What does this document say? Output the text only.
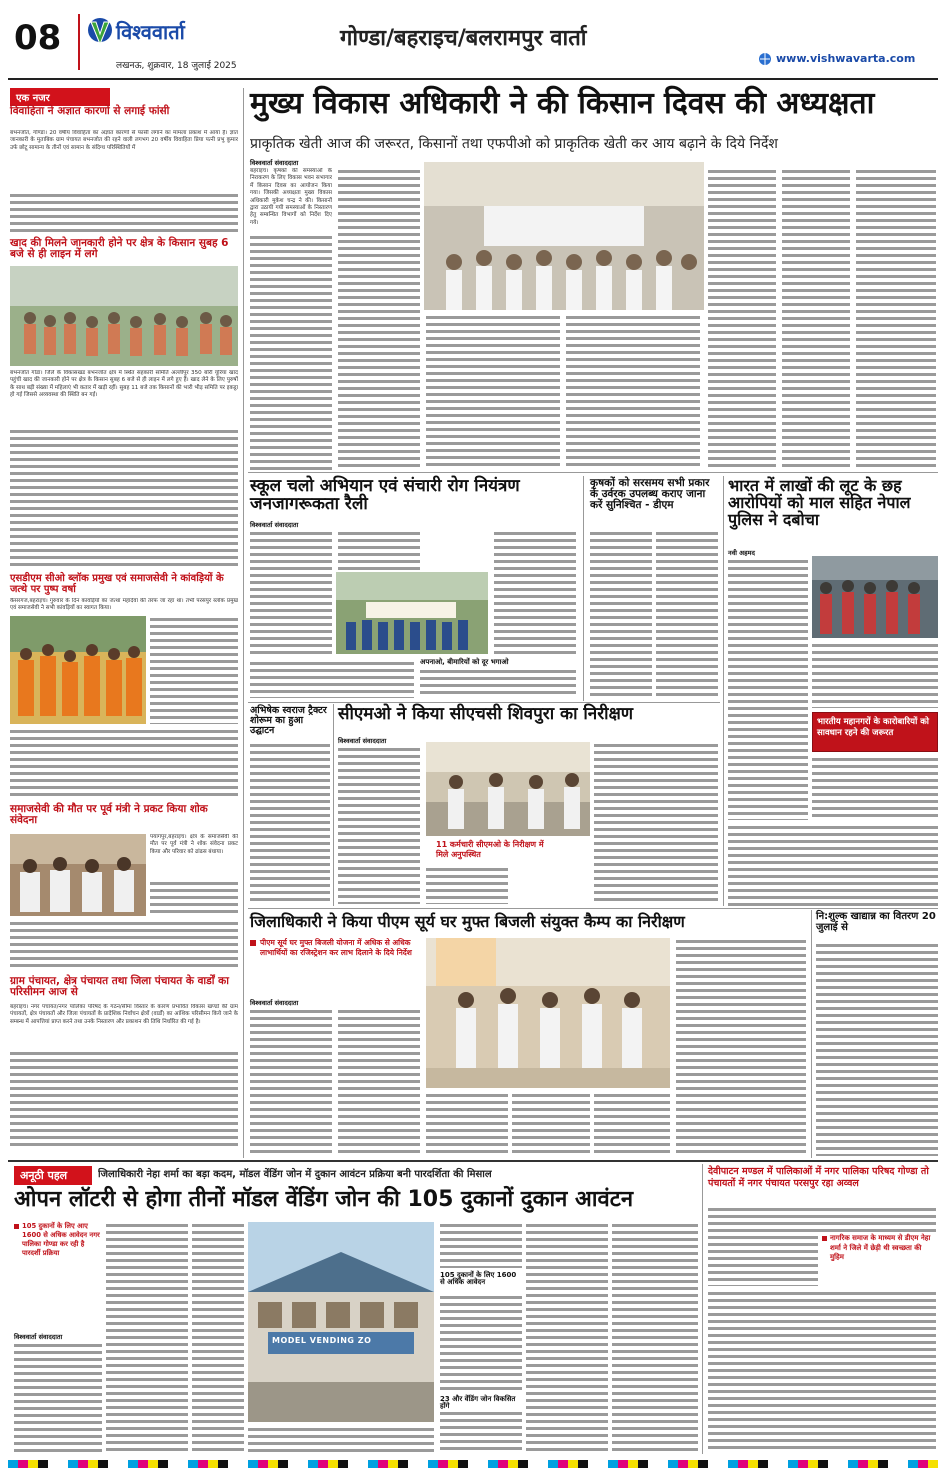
08	विश्ववार्ता
लखनऊ, शुक्रवार, 18 जुलाई 2025
गोण्डा/बहराइच/बलरामपुर वार्ता
www.vishwavarta.com
एक नजर
विवाहिता ने अज्ञात कारणों से लगाई फांसी
बभनजोत, गोण्डा। 20 वर्षीय विवाहिता का अज्ञात कारणों से फांसी लगाने का मामला प्रकाश में आया है। ज्ञात जानकारी के मुताबिक ग्राम पंचायत बभनजोत की रहने वाली लगभग 20 वर्षीय विवाहिता प्रिया पत्नी प्रभु कुमार उर्फ छोटू सामान्य के तीनों एवं सामान के संदिग्ध परिस्थितियों में
खाद की मिलने जानकारी होने पर क्षेत्र के किसान सुबह 6 बजे से ही लाइन में लगे
बभनजोत गोंडा। जिले के विकासखंड बभनजोत क्षेत्र में स्थित सहकारी समिति अल्लीपुर 350 बोरी यूरिया खाद पहुंची खाद की जानकारी होने पर क्षेत्र के किसान सुबह 6 बजे से ही लाइन में लगे हुए हैं। खाद लेने के लिए पुरुषों के साथ बड़ी संख्या में महिलाएं भी कतार में खड़ी रहीं। सुबह 11 बजे तक किसानों की भारी भीड़ समिति पर इकट्ठा हो गई जिससे अव्यवस्था की स्थिति बन गई।
एसडीएम सीओ ब्लॉक प्रमुख एवं समाजसेवी ने कांवड़ियों के जत्थे पर पुष्प वर्षा
कैसरगंज,बहराइच। गुरुवार के दिन कांवड़ियों का जत्था महादेवा की तरफ जा रहा था। तभी परसपुर ब्लॉक प्रमुख एवं समाजसेवी ने सभी कांवड़ियों का स्वागत किया।
समाजसेवी की मौत पर पूर्व मंत्री ने प्रकट किया शोक संवेदना
पयागपुर,बहराइच। क्षेत्र के समाजसेवी की मौत पर पूर्व मंत्री ने शोक संवेदना प्रकट किया और परिवार को ढांढस बंधाया।
ग्राम पंचायत, क्षेत्र पंचायत तथा जिला पंचायत के वार्डों का परिसीमन आज से
बहराइच। नगर पंचायत/नगर पालिका परिषद के गठन/सीमा विस्तार के कारण प्रभावित विकास खण्डों की ग्राम पंचायतों, क्षेत्र पंचायतों और जिला पंचायतों के प्रादेशिक निर्वाचन क्षेत्रों (वार्डों) का आंशिक परिसीमन किये जाने के सम्बन्ध में आपत्तियां प्राप्त करने तथा उनके निस्तारण और प्रकाशन की तिथि निर्धारित की गई है।
मुख्य विकास अधिकारी ने की किसान दिवस की अध्यक्षता
प्राकृतिक खेती आज की जरूरत, किसानों तथा एफपीओ को प्राकृतिक खेती कर आय बढ़ाने के दिये निर्देश
विश्ववार्ता संवाददाता
बहराइच। कृषकों की समस्याओं के निराकरण के लिए विकास भवन सभागार में किसान दिवस का आयोजन किया गया। जिसकी अध्यक्षता मुख्य विकास अधिकारी मुकेश चन्द्र ने की। किसानों द्वारा उठायी गयी समस्याओं के निस्तारण हेतु सम्बन्धित विभागों को निर्देश दिए गये।
स्कूल चलो अभियान एवं संचारी रोग नियंत्रण जनजागरूकता रैली
विश्ववार्ता संवाददाता
अपनाओ, बीमारियों को दूर भगाओ
कृषकों को सरसमय सभी प्रकार के उर्वरक उपलब्ध कराए जाना करें सुनिश्चित - डीएम
भारत में लाखों की लूट के छह आरोपियों को माल सहित नेपाल पुलिस ने दबोचा
नवी अहमद
भारतीय महानगरों के कारोबारियों को सावधान रहने की जरूरत
अभिषेक स्वराज ट्रैक्टर शोरूम का हुआ उद्घाटन
सीएमओ ने किया सीएचसी शिवपुरा का निरीक्षण
विश्ववार्ता संवाददाता
11 कर्मचारी सीएमओ के निरीक्षण में मिले अनुपस्थित
जिलाधिकारी ने किया पीएम सूर्य घर मुफ्त बिजली संयुक्त कैम्प का निरीक्षण
पीएम सूर्य घर मुफ्त बिजली योजना में अधिक से अधिक लाभार्थियों का रजिस्ट्रेशन कर लाभ दिलाने के दिये निर्देश
विश्ववार्ता संवाददाता
नि:शुल्क खाद्यान्न का वितरण 20 जुलाई से
अनूठी पहल	जिलाधिकारी नेहा शर्मा का बड़ा कदम, मॉडल वेंडिंग जोन में दुकान आवंटन प्रक्रिया बनी पारदर्शिता की मिसाल
ओपन लॉटरी से होगा तीनों मॉडल वेंडिंग जोन की 105 दुकानों दुकान आवंटन
105 दुकानों के लिए आए 1600 से अधिक आवेदन नगर पालिका गोण्डा कर रही है पारदर्शी प्रक्रिया
विश्ववार्ता संवाददाता	MODEL VENDING ZO
105 दुकानों के लिए 1600 से अधिक आवेदन
23 और वेंडिंग जोन विकसित होंगे
देवीपाटन मण्डल में पालिकाओं में नगर पालिका परिषद गोण्डा तो पंचायतों में नगर पंचायत परसपुर रहा अव्वल
नागरिक समाज के माध्यम से डीएम नेहा शर्मा ने जिले में छेड़ी थी स्वच्छता की मुहिम
